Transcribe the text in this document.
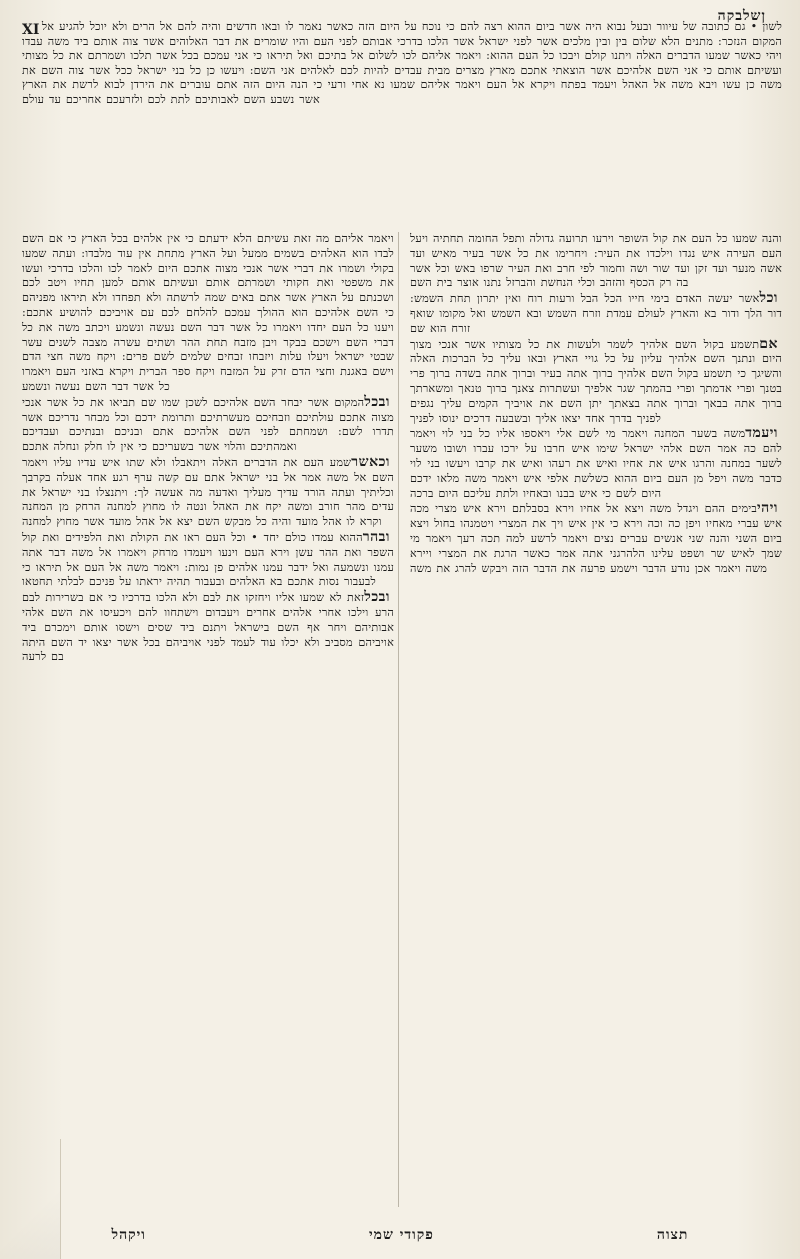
ןשלבקה
XI לשון • גם כתובה של עיוור ובעל נבוא היה אשר ביום ההוא רצה להם כי נוכח על היום הזה כאשר נאמר לו ובאו חדשים והיה להם אל הרים ולא יוכל להגיע אל המקום הנזכר: מתנים הלא שלום בין ובין מלכים אשר לפני ישראל אשר הלכו בדרכי אבותם לפני העם והיו שומרים את דבר האלוהים אשר צוה אותם ביד משה עבדו ויהי כאשר שמעו הדברים האלה ויתנו קולם ויבכו כל העם ההוא: ויאמר אליהם לכו לשלום אל בתיכם ואל תיראו כי אני עמכם בכל אשר תלכו ושמרתם את כל מצותי ועשיתם אותם כי אני השם אלהיכם אשר הוצאתי אתכם מארץ מצרים מבית עבדים להיות לכם לאלהים אני השם: ויעשו כן כל בני ישראל ככל אשר צוה השם את משה כן עשו ויבא משה אל האהל ויעמד בפתח ויקרא אל העם ויאמר אליהם שמעו נא אחי ורעי כי הנה היום הזה אתם עוברים את הירדן לבוא לרשת את הארץ אשר נשבע השם לאבותיכם לתת לכם ולזרעכם אחריכם עד עולם

ויאמר אליהם מה זאת עשיתם הלא ידעתם כי אין אלהים בכל הארץ כי אם השם לבדו הוא האלהים בשמים ממעל ועל הארץ מתחת אין עוד מלבדו: ועתה שמעו בקולי ושמרו את דברי אשר אנכי מצוה אתכם היום לאמר לכו והלכו בדרכי ועשו את משפטי ואת חקותי ושמרתם אותם ועשיתם אותם למען תחיו ויטב לכם ושכנתם על הארץ אשר אתם באים שמה לרשתה ולא תפחדו ולא תיראו מפניהם כי השם אלהיכם הוא ההולך עמכם להלחם לכם עם אויביכם להושיע אתכם: ויענו כל העם יחדו ויאמרו כל אשר דבר השם נעשה ונשמע ויכתב משה את כל דברי השם וישכם בבקר ויבן מזבח תחת ההר ושתים עשרה מצבה לשנים עשר שבטי ישראל ויעלו עלות ויזבחו זבחים שלמים לשם פרים: ויקח משה חצי הדם וישם באגנת וחצי הדם זרק על המזבח ויקח ספר הברית ויקרא באזני העם ויאמרו כל אשר דבר השם נעשה ונשמע

ובכלהמקום אשר יבחר השם אלהיכם לשכן שמו שם תביאו את כל אשר אנכי מצוה אתכם עולתיכם וזבחיכם מעשרתיכם ותרומת ידכם וכל מבחר נדריכם אשר תדרו לשם: ושמחתם לפני השם אלהיכם אתם ובניכם ובנתיכם ועבדיכם ואמהתיכם והלוי אשר בשעריכם כי אין לו חלק ונחלה אתכם

וכאשרשמע העם את הדברים האלה ויתאבלו ולא שתו איש עדיו עליו ויאמר השם אל משה אמר אל בני ישראל אתם עם קשה ערף רגע אחד אעלה בקרבך וכליתיך ועתה הורד עדיך מעליך ואדעה מה אעשה לך: ויתנצלו בני ישראל את עדים מהר חורב ומשה יקח את האהל ונטה לו מחוץ למחנה הרחק מן המחנה וקרא לו אהל מועד והיה כל מבקש השם יצא אל אהל מועד אשר מחוץ למחנה

ובהרההוא עמדו כולם יחד • וכל העם ראו את הקולת ואת הלפידים ואת קול השפר ואת ההר עשן וירא העם וינעו ויעמדו מרחק ויאמרו אל משה דבר אתה עמנו ונשמעה ואל ידבר עמנו אלהים פן נמות: ויאמר משה אל העם אל תיראו כי לבעבור נסות אתכם בא האלהים ובעבור תהיה יראתו על פניכם לבלתי תחטאו

ובכלזאת לא שמעו אליו ויחזקו את לבם ולא הלכו בדרכיו כי אם בשרירות לבם הרע וילכו אחרי אלהים אחרים ויעבדום וישתחוו להם ויכעיסו את השם אלהי אבותיהם ויחר אף השם בישראל ויתנם ביד שסים וישסו אותם וימכרם ביד אויביהם מסביב ולא יכלו עוד לעמד לפני אויביהם בכל אשר יצאו יד השם היתה בם לרעה

והנה שמעו כל העם את קול השופר וירעו תרועה גדולה ותפל החומה תחתיה ויעל העם העירה איש נגדו וילכדו את העיר: ויחרימו את כל אשר בעיר מאיש ועד אשה מנער ועד זקן ועד שור ושה וחמור לפי חרב ואת העיר שרפו באש וכל אשר בה רק הכסף והזהב וכלי הנחשת והברזל נתנו אוצר בית השם

וכלאשר יעשה האדם בימי חייו הכל הבל ורעות רוח ואין יתרון תחת השמש: דור הלך ודור בא והארץ לעולם עמדת וזרח השמש ובא השמש ואל מקומו שואף זורח הוא שם

אםתשמע בקול השם אלהיך לשמר ולעשות את כל מצותיו אשר אנכי מצוך היום ונתנך השם אלהיך עליון על כל גויי הארץ ובאו עליך כל הברכות האלה והשיגך כי תשמע בקול השם אלהיך ברוך אתה בעיר וברוך אתה בשדה ברוך פרי בטנך ופרי אדמתך ופרי בהמתך שגר אלפיך ועשתרות צאנך ברוך טנאך ומשארתך ברוך אתה בבאך וברוך אתה בצאתך יתן השם את אויביך הקמים עליך נגפים לפניך בדרך אחד יצאו אליך ובשבעה דרכים ינוסו לפניך

ויעמדמשה בשער המחנה ויאמר מי לשם אלי ויאספו אליו כל בני לוי ויאמר להם כה אמר השם אלהי ישראל שימו איש חרבו על ירכו עברו ושובו משער לשער במחנה והרגו איש את אחיו ואיש את רעהו ואיש את קרבו ויעשו בני לוי כדבר משה ויפל מן העם ביום ההוא כשלשת אלפי איש ויאמר משה מלאו ידכם היום לשם כי איש בבנו ובאחיו ולתת עליכם היום ברכה

ויהיבימים ההם ויגדל משה ויצא אל אחיו וירא בסבלתם וירא איש מצרי מכה איש עברי מאחיו ויפן כה וכה וירא כי אין איש ויך את המצרי ויטמנהו בחול ויצא ביום השני והנה שני אנשים עברים נצים ויאמר לרשע למה תכה רעך ויאמר מי שמך לאיש שר ושפט עלינו הלהרגני אתה אמר כאשר הרגת את המצרי ויירא משה ויאמר אכן נודע הדבר וישמע פרעה את הדבר הזה ויבקש להרג את משה

ויקהל	פקודי שמי	תצוה
